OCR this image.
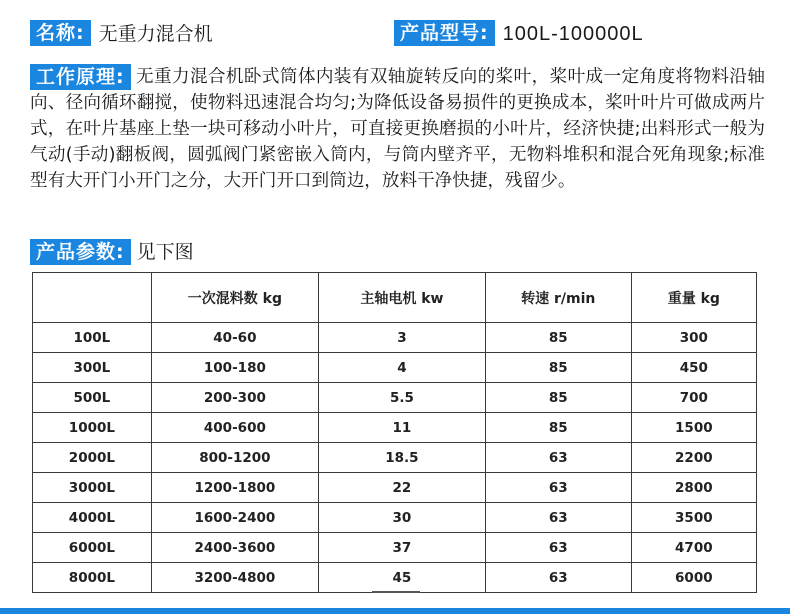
名称: 无重力混合机	产品型号: 100L-100000L
工作原理: 无重力混合机卧式筒体内装有双轴旋转反向的桨叶，桨叶成一定角度将物料沿轴向、径向循环翻搅，使物料迅速混合均匀;为降低设备易损件的更换成本，桨叶叶片可做成两片式，在叶片基座上垫一块可移动小叶片，可直接更换磨损的小叶片，经济快捷;出料形式一般为气动(手动)翻板阀，圆弧阀门紧密嵌入筒内，与筒内壁齐平，无物料堆积和混合死角现象;标准型有大开门小开门之分，大开门开口到筒边，放料干净快捷，残留少。
产品参数: 见下图
	一次混料数 kg	主轴电机 kw	转速 r/min	重量 kg
100L	40-60	3	85	300
300L	100-180	4	85	450
500L	200-300	5.5	85	700
1000L	400-600	11	85	1500
2000L	800-1200	18.5	63	2200
3000L	1200-1800	22	63	2800
4000L	1600-2400	30	63	3500
6000L	2400-3600	37	63	4700
8000L	3200-4800	45	63	6000
